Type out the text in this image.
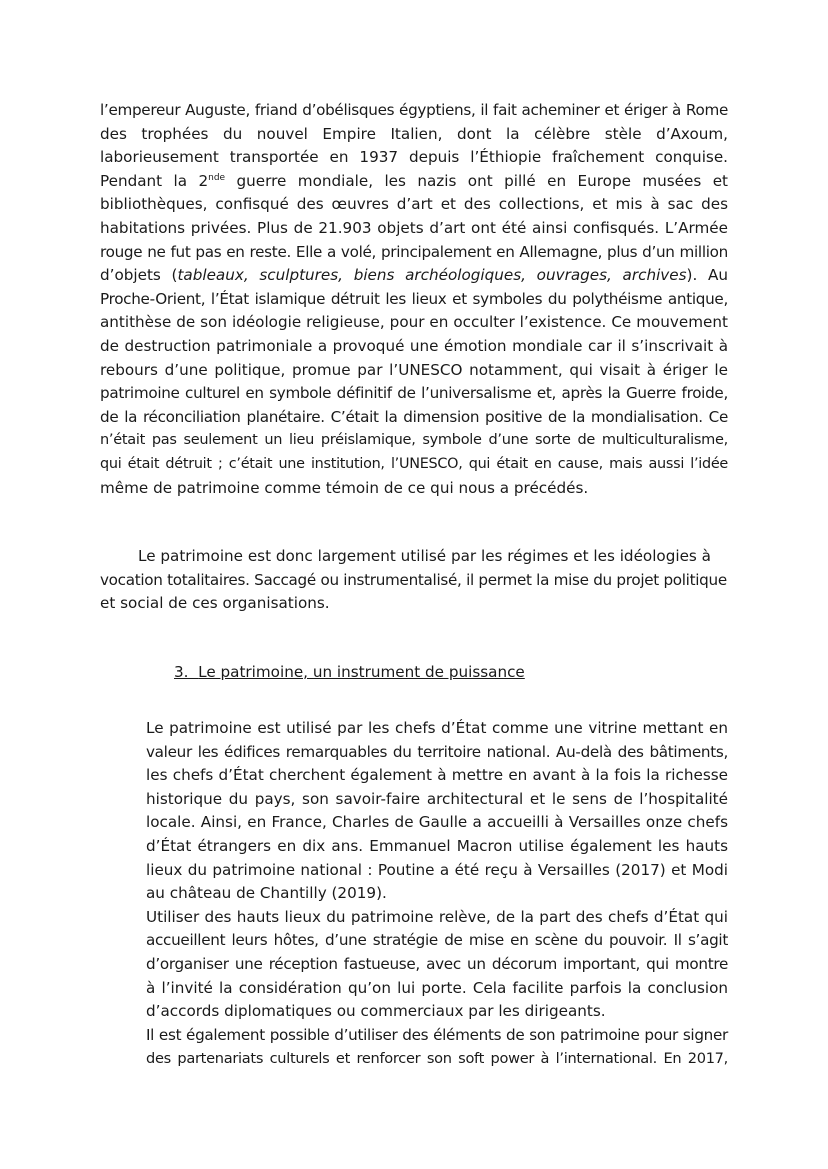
l’empereur Auguste, friand d’obélisques égyptiens, il fait acheminer et ériger à Rome
des trophées du nouvel Empire Italien, dont la célèbre stèle d’Axoum,
laborieusement transportée en 1937 depuis l’Éthiopie fraîchement conquise.
Pendant la 2nde guerre mondiale, les nazis ont pillé en Europe musées et
bibliothèques, confisqué des œuvres d’art et des collections, et mis à sac des
habitations privées. Plus de 21.903 objets d’art ont été ainsi confisqués. L’Armée
rouge ne fut pas en reste. Elle a volé, principalement en Allemagne, plus d’un million
d’objets (tableaux, sculptures, biens archéologiques, ouvrages, archives). Au
Proche-Orient, l’État islamique détruit les lieux et symboles du polythéisme antique,
antithèse de son idéologie religieuse, pour en occulter l’existence. Ce mouvement
de destruction patrimoniale a provoqué une émotion mondiale car il s’inscrivait à
rebours d’une politique, promue par l’UNESCO notamment, qui visait à ériger le
patrimoine culturel en symbole définitif de l’universalisme et, après la Guerre froide,
de la réconciliation planétaire. C’était la dimension positive de la mondialisation. Ce
n’était pas seulement un lieu préislamique, symbole d’une sorte de multiculturalisme,
qui était détruit ; c’était une institution, l’UNESCO, qui était en cause, mais aussi l’idée
même de patrimoine comme témoin de ce qui nous a précédés.
Le patrimoine est donc largement utilisé par les régimes et les idéologies à
vocation totalitaires. Saccagé ou instrumentalisé, il permet la mise du projet politique
et social de ces organisations.
3. Le patrimoine, un instrument de puissance
Le patrimoine est utilisé par les chefs d’État comme une vitrine mettant en
valeur les édifices remarquables du territoire national. Au-delà des bâtiments,
les chefs d’État cherchent également à mettre en avant à la fois la richesse
historique du pays, son savoir-faire architectural et le sens de l’hospitalité
locale. Ainsi, en France, Charles de Gaulle a accueilli à Versailles onze chefs
d’État étrangers en dix ans. Emmanuel Macron utilise également les hauts
lieux du patrimoine national : Poutine a été reçu à Versailles (2017) et Modi
au château de Chantilly (2019).
Utiliser des hauts lieux du patrimoine relève, de la part des chefs d’État qui
accueillent leurs hôtes, d’une stratégie de mise en scène du pouvoir. Il s’agit
d’organiser une réception fastueuse, avec un décorum important, qui montre
à l’invité la considération qu’on lui porte. Cela facilite parfois la conclusion
d’accords diplomatiques ou commerciaux par les dirigeants.
Il est également possible d’utiliser des éléments de son patrimoine pour signer
des partenariats culturels et renforcer son soft power à l’international. En 2017,
